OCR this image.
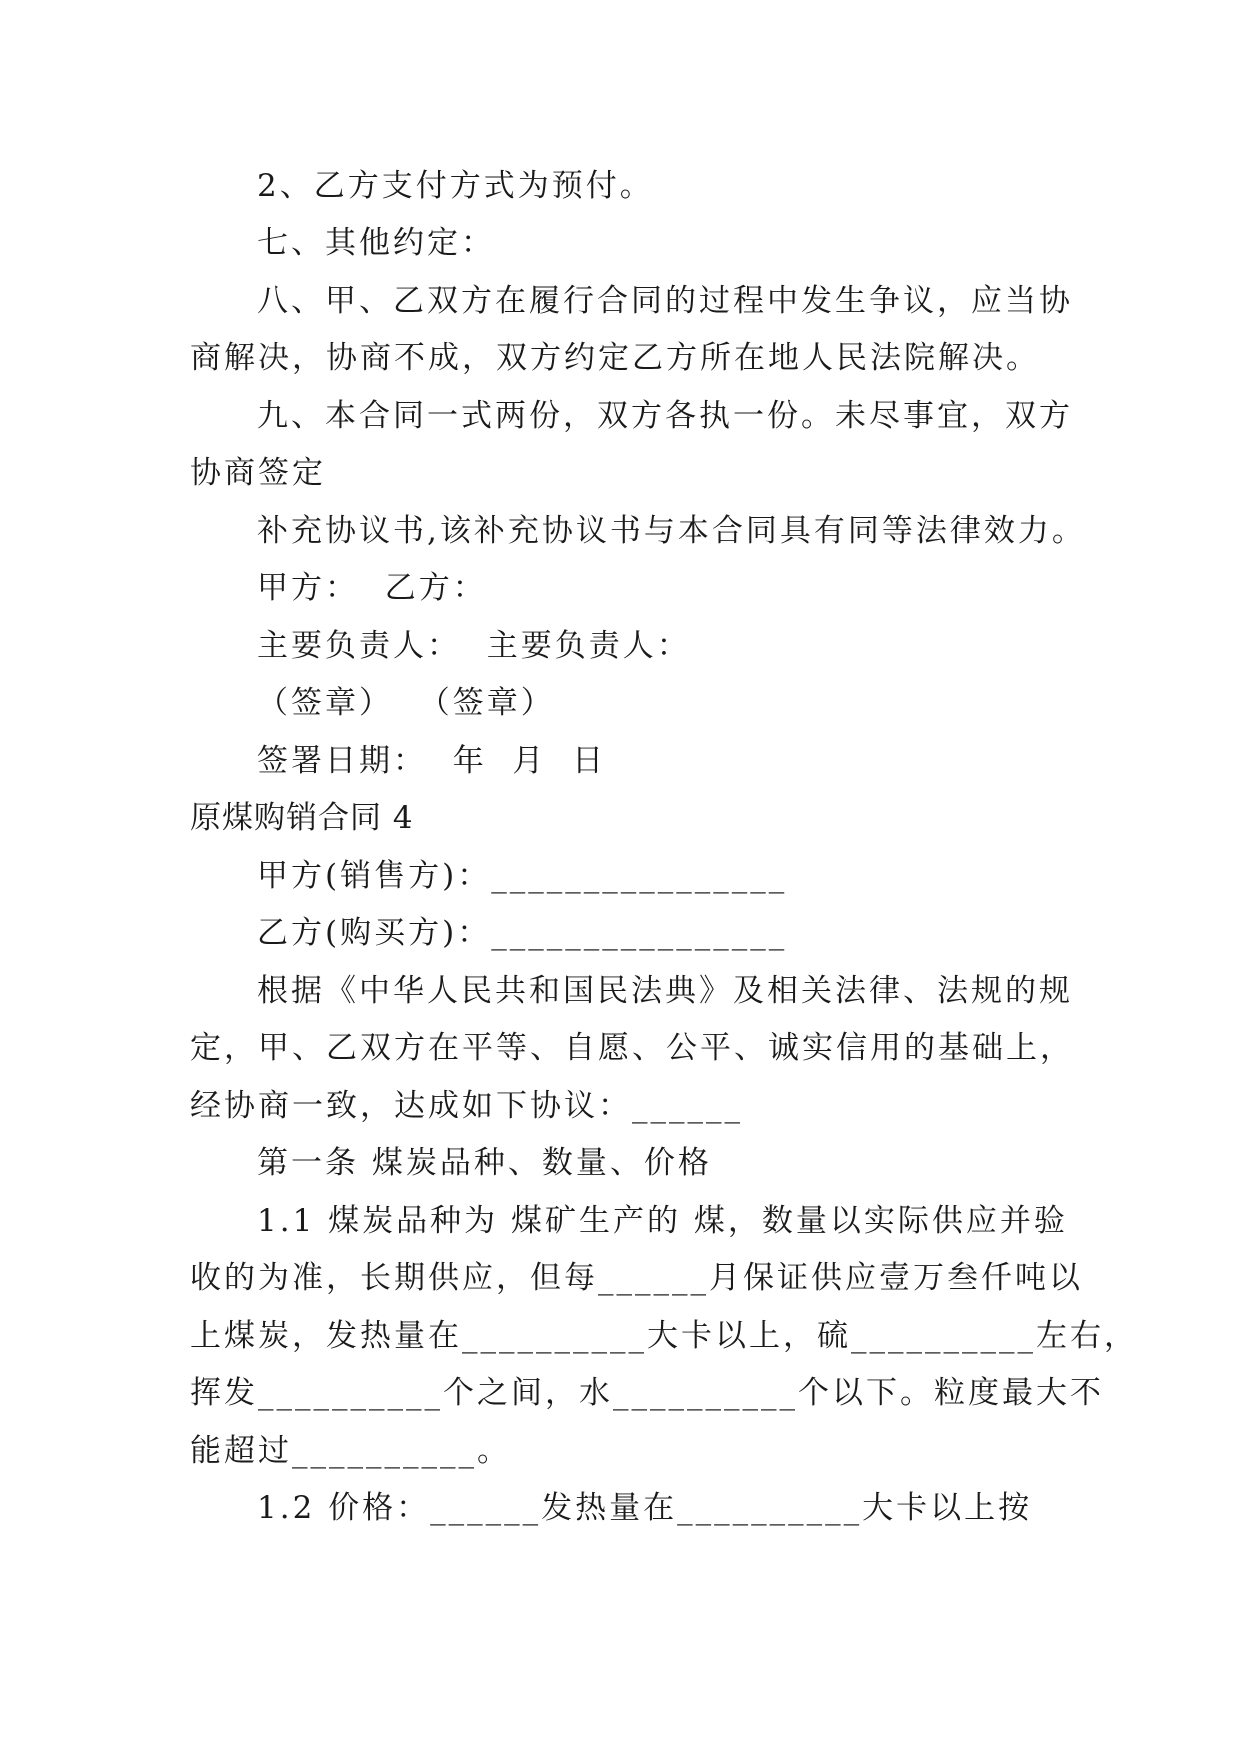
2、乙方支付方式为预付。
七、其他约定：
八、甲、乙双方在履行合同的过程中发生争议，应当协
商解决，协商不成，双方约定乙方所在地人民法院解决。
九、本合同一式两份，双方各执一份。未尽事宜，双方
协商签定
补充协议书,该补充协议书与本合同具有同等法律效力。
甲方：  乙方：
主要负责人：  主要负责人：
（签章）  （签章）
签署日期：  年  月  日
原煤购销合同 4
甲方(销售方)：________________
乙方(购买方)：________________
根据《中华人民共和国民法典》及相关法律、法规的规
定，甲、乙双方在平等、自愿、公平、诚实信用的基础上，
经协商一致，达成如下协议：______
第一条 煤炭品种、数量、价格
1.1 煤炭品种为 煤矿生产的 煤，数量以实际供应并验
收的为准，长期供应，但每______月保证供应壹万叁仟吨以
上煤炭，发热量在__________大卡以上，硫__________左右，
挥发__________个之间，水__________个以下。粒度最大不
能超过__________。
1.2 价格：______发热量在__________大卡以上按
